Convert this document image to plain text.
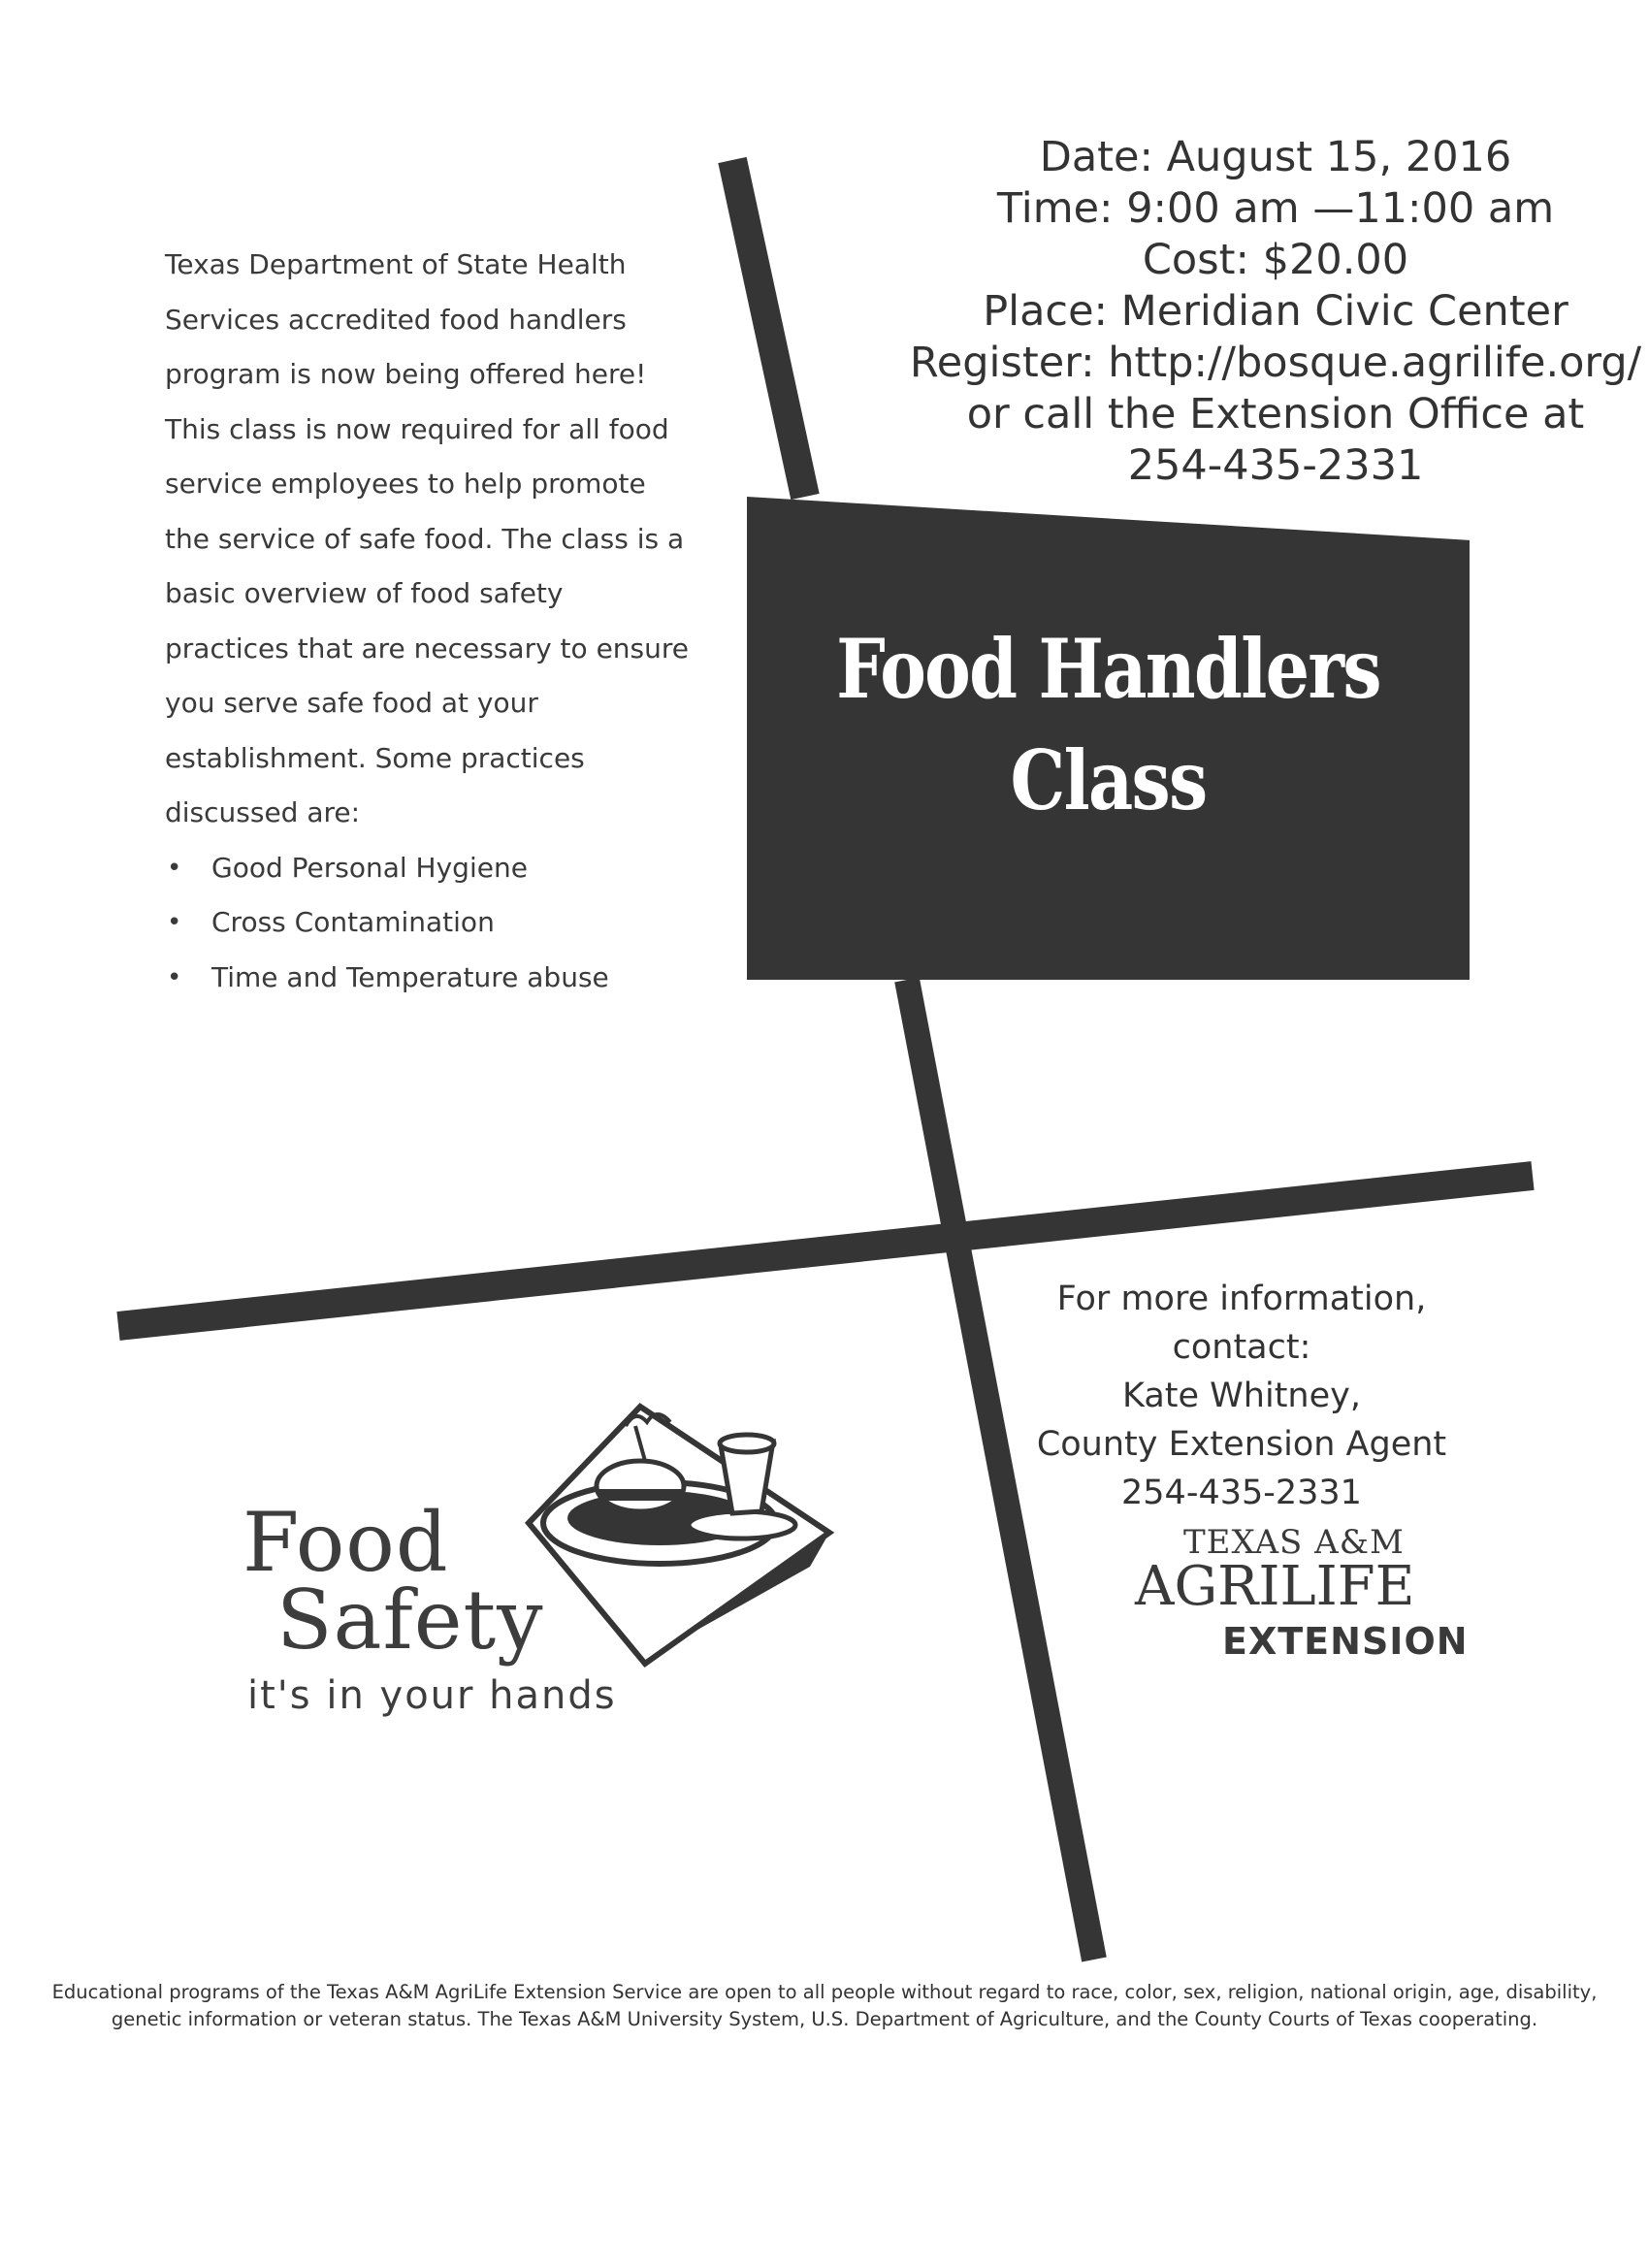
Date: August 15, 2016
Time: 9:00 am —11:00 am
Cost: $20.00
Place: Meridian Civic Center
Register: http://bosque.agrilife.org/
or call the Extension Office at
254-435-2331
Texas Department of State Health Services accredited food handlers program is now being offered here! This class is now required for all food service employees to help promote the service of safe food. The class is a basic overview of food safety practices that are necessary to ensure you serve safe food at your establishment. Some practices discussed are:
• Good Personal Hygiene
• Cross Contamination
• Time and Temperature abuse
Food Handlers
Class
For more information, contact:
Kate Whitney,
County Extension Agent
254-435-2331
Food
Safety
it's in your hands
TEXAS A&M
AGRILIFE
EXTENSION
Educational programs of the Texas A&M AgriLife Extension Service are open to all people without regard to race, color, sex, religion, national origin, age, disability, genetic information or veteran status. The Texas A&M University System, U.S. Department of Agriculture, and the County Courts of Texas cooperating.
